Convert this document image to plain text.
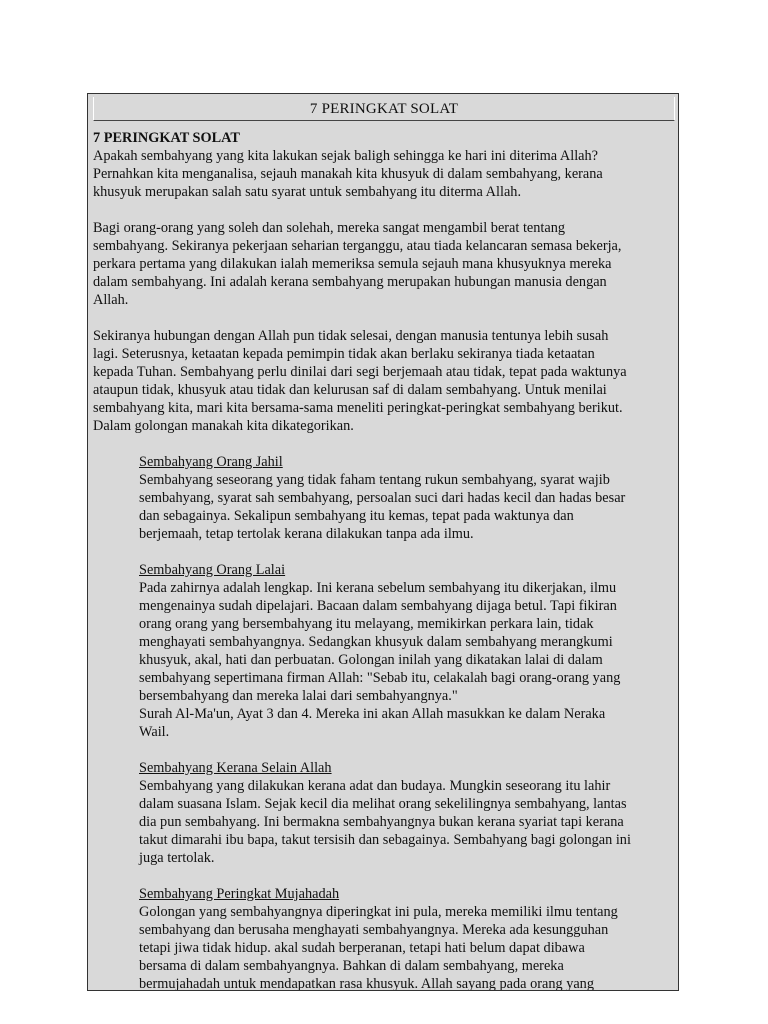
7 PERINGKAT SOLAT
7 PERINGKAT SOLAT
Apakah sembahyang yang kita lakukan sejak baligh sehingga ke hari ini diterima Allah?
Pernahkan kita menganalisa, sejauh manakah kita khusyuk di dalam sembahyang, kerana
khusyuk merupakan salah satu syarat untuk sembahyang itu diterma Allah.
Bagi orang-orang yang soleh dan solehah, mereka sangat mengambil berat tentang
sembahyang. Sekiranya pekerjaan seharian terganggu, atau tiada kelancaran semasa bekerja,
perkara pertama yang dilakukan ialah memeriksa semula sejauh mana khusyuknya mereka
dalam sembahyang. Ini adalah kerana sembahyang merupakan hubungan manusia dengan
Allah.
Sekiranya hubungan dengan Allah pun tidak selesai, dengan manusia tentunya lebih susah
lagi. Seterusnya, ketaatan kepada pemimpin tidak akan berlaku sekiranya tiada ketaatan
kepada Tuhan. Sembahyang perlu dinilai dari segi berjemaah atau tidak, tepat pada waktunya
ataupun tidak, khusyuk atau tidak dan kelurusan saf di dalam sembahyang. Untuk menilai
sembahyang kita, mari kita bersama-sama meneliti peringkat-peringkat sembahyang berikut.
Dalam golongan manakah kita dikategorikan.
Sembahyang Orang Jahil
Sembahyang seseorang yang tidak faham tentang rukun sembahyang, syarat wajib
sembahyang, syarat sah sembahyang, persoalan suci dari hadas kecil dan hadas besar
dan sebagainya. Sekalipun sembahyang itu kemas, tepat pada waktunya dan
berjemaah, tetap tertolak kerana dilakukan tanpa ada ilmu.
Sembahyang Orang Lalai
Pada zahirnya adalah lengkap. Ini kerana sebelum sembahyang itu dikerjakan, ilmu
mengenainya sudah dipelajari. Bacaan dalam sembahyang dijaga betul. Tapi fikiran
orang orang yang bersembahyang itu melayang, memikirkan perkara lain, tidak
menghayati sembahyangnya. Sedangkan khusyuk dalam sembahyang merangkumi
khusyuk, akal, hati dan perbuatan. Golongan inilah yang dikatakan lalai di dalam
sembahyang sepertimana firman Allah: "Sebab itu, celakalah bagi orang-orang yang
bersembahyang dan mereka lalai dari sembahyangnya."
Surah Al-Ma'un, Ayat 3 dan 4. Mereka ini akan Allah masukkan ke dalam Neraka
Wail.
Sembahyang Kerana Selain Allah
Sembahyang yang dilakukan kerana adat dan budaya. Mungkin seseorang itu lahir
dalam suasana Islam. Sejak kecil dia melihat orang sekelilingnya sembahyang, lantas
dia pun sembahyang. Ini bermakna sembahyangnya bukan kerana syariat tapi kerana
takut dimarahi ibu bapa, takut tersisih dan sebagainya. Sembahyang bagi golongan ini
juga tertolak.
Sembahyang Peringkat Mujahadah
Golongan yang sembahyangnya diperingkat ini pula, mereka memiliki ilmu tentang
sembahyang dan berusaha menghayati sembahyangnya. Mereka ada kesungguhan
tetapi jiwa tidak hidup. akal sudah berperanan, tetapi hati belum dapat dibawa
bersama di dalam sembahyangnya. Bahkan di dalam sembahyang, mereka
bermujahadah untuk mendapatkan rasa khusyuk. Allah sayang pada orang yang
